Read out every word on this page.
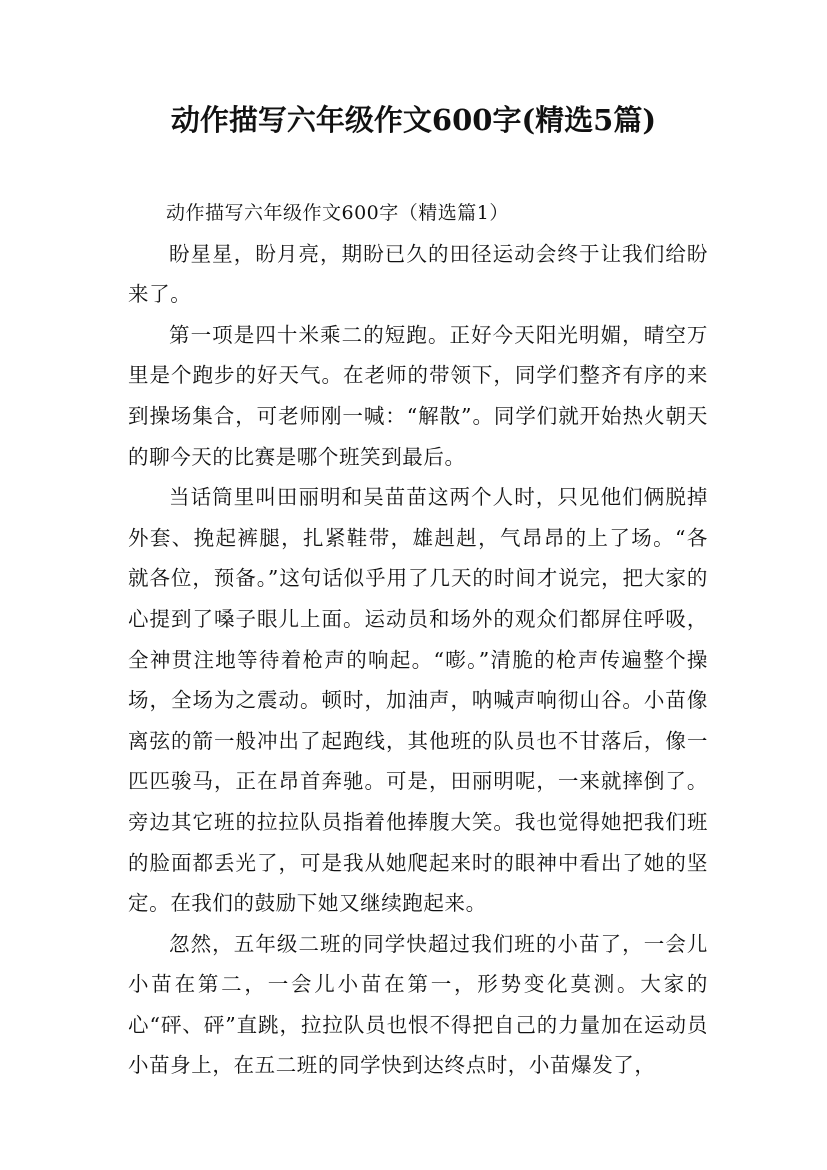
动作描写六年级作文600字(精选5篇)

动作描写六年级作文600字（精选篇1）

盼星星，盼月亮，期盼已久的田径运动会终于让我们给盼来了。

第一项是四十米乘二的短跑。正好今天阳光明媚，晴空万里是个跑步的好天气。在老师的带领下，同学们整齐有序的来到操场集合，可老师刚一喊：“解散”。同学们就开始热火朝天的聊今天的比赛是哪个班笑到最后。

当话筒里叫田丽明和吴苗苗这两个人时，只见他们俩脱掉外套、挽起裤腿，扎紧鞋带，雄赳赳，气昂昂的上了场。“各就各位，预备。”这句话似乎用了几天的时间才说完，把大家的心提到了嗓子眼儿上面。运动员和场外的观众们都屏住呼吸，全神贯注地等待着枪声的响起。“嘭。”清脆的枪声传遍整个操场，全场为之震动。顿时，加油声，呐喊声响彻山谷。小苗像离弦的箭一般冲出了起跑线，其他班的队员也不甘落后，像一匹匹骏马，正在昂首奔驰。可是，田丽明呢，一来就摔倒了。旁边其它班的拉拉队员指着他捧腹大笑。我也觉得她把我们班的脸面都丢光了，可是我从她爬起来时的眼神中看出了她的坚定。在我们的鼓励下她又继续跑起来。

忽然，五年级二班的同学快超过我们班的小苗了，一会儿小苗在第二，一会儿小苗在第一，形势变化莫测。大家的心“砰、砰”直跳，拉拉队员也恨不得把自己的力量加在运动员小苗身上，在五二班的同学快到达终点时，小苗爆发了，
